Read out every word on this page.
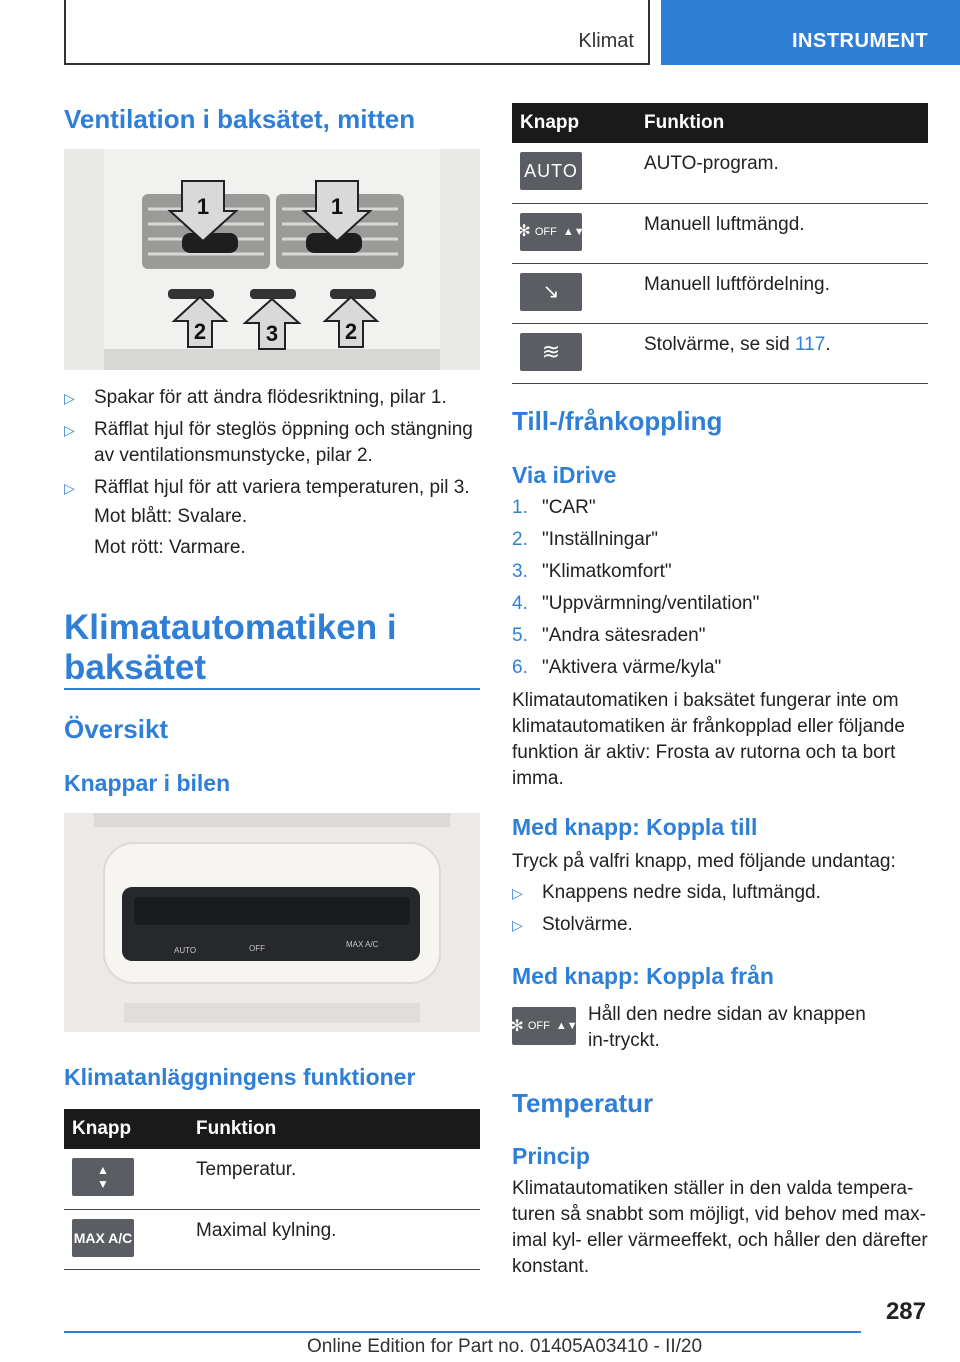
Klimat	INSTRUMENT
Ventilation i baksätet, mitten
1	1
2	3	2
▷ Spakar för att ändra flödesriktning, pilar 1.
▷ Räfflat hjul för steglös öppning och stängning av ventilationsmunstycke, pilar 2.
▷ Räfflat hjul för att variera temperaturen, pil 3.
Mot blått: Svalare.
Mot rött: Varmare.
Klimatautomatiken i baksätet
Översikt
Knappar i bilen
AUTO	OFF	MAX A/C
Klimatanläggningens funktioner
Knapp	Funktion

▲
▼	Temperatur.

MAX A/C	Maximal kylning.
Knapp	Funktion

AUTO	AUTO-program.

✻ OFF ▲▼	Manuell luftmängd.

↘	Manuell luftfördelning.

≋	Stolvärme, se sid 117.
Till-/frånkoppling
Via iDrive
1. "CAR"
2. "Inställningar"
3. "Klimatkomfort"
4. "Uppvärmning/ventilation"
5. "Andra sätesraden"
6. "Aktivera värme/kyla"
Klimatautomatiken i baksätet fungerar inte om klimatautomatiken är frånkopplad eller följande funktion är aktiv: Frosta av rutorna och ta bort imma.
Med knapp: Koppla till
Tryck på valfri knapp, med följande undantag:
▷ Knappens nedre sida, luftmängd.
▷ Stolvärme.
Med knapp: Koppla från
✻ OFF ▲▼
Håll den nedre sidan av knappen in-tryckt.
Temperatur
Princip
Klimatautomatiken ställer in den valda tempera-turen så snabbt som möjligt, vid behov med max-imal kyl- eller värmeeffekt, och håller den därefter konstant.
287
Online Edition for Part no. 01405A03410 - II/20
